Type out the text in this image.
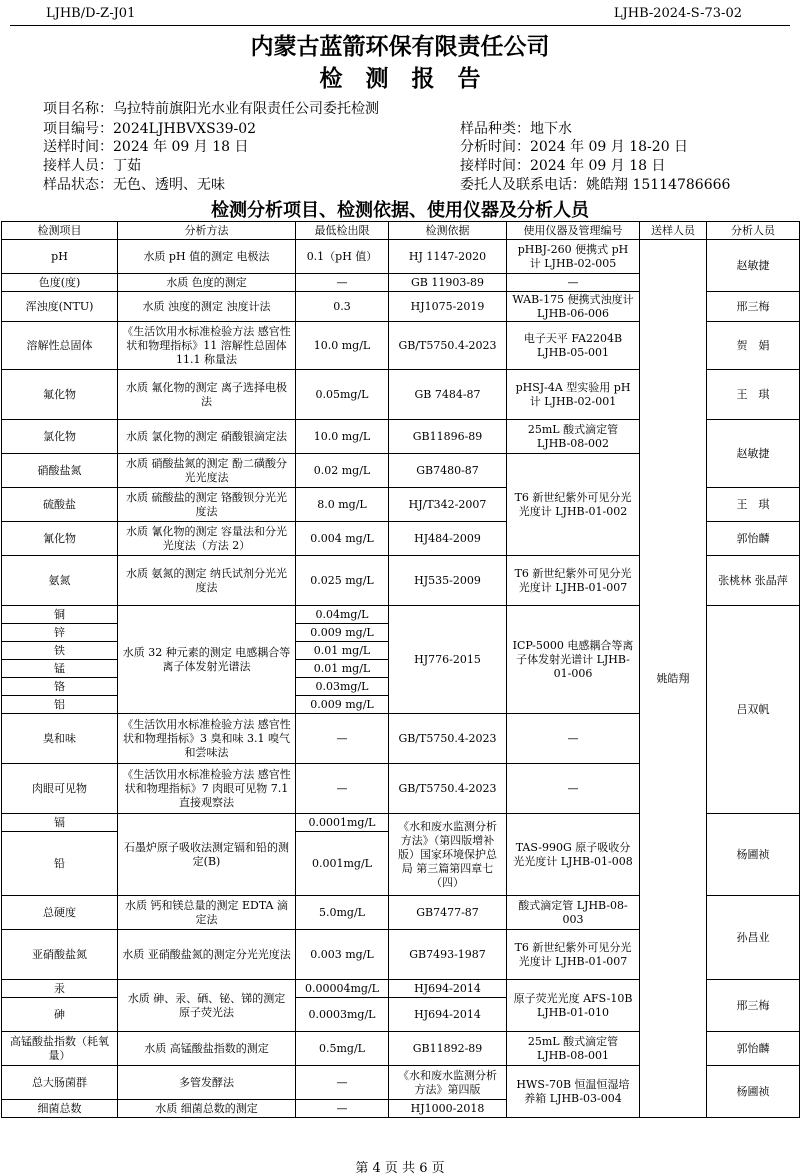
LJHB/D-Z-J01	LJHB-2024-S-73-02
内蒙古蓝箭环保有限责任公司
检　测　报　告
项目名称：乌拉特前旗阳光水业有限责任公司委托检测
项目编号：2024LJHBVXS39-02	样品种类：地下水
送样时间：2024 年 09 月 18 日	分析时间：2024 年 09 月 18-20 日
接样人员：丁茹	接样时间：2024 年 09 月 18 日
样品状态：无色、透明、无味	委托人及联系电话：姚皓翔 15114786666
检测分析项目、检测依据、使用仪器及分析人员
检测项目	分析方法	最低检出限	检测依据	使用仪器及管理编号	送样人员	分析人员
pH	水质 pH 值的测定 电极法	0.1（pH 值）	HJ 1147-2020	pHBJ-260 便携式 pH 计 LJHB-02-005	姚皓翔	赵敏捷
色度(度)	水质 色度的测定	—	GB 11903-89	—		
浑浊度(NTU)	水质 浊度的测定 浊度计法	0.3	HJ1075-2019	WAB-175 便携式浊度计 LJHB-06-006		邢三梅
溶解性总固体	《生活饮用水标准检验方法 感官性状和物理指标》11 溶解性总固体 11.1 称量法	10.0 mg/L	GB/T5750.4-2023	电子天平 FA2204B LJHB-05-001		贺　娟
氟化物	水质 氟化物的测定 离子选择电极法	0.05mg/L	GB 7484-87	pHSJ-4A 型实验用 pH 计 LJHB-02-001		王　琪
氯化物	水质 氯化物的测定 硝酸银滴定法	10.0 mg/L	GB11896-89	25mL 酸式滴定管 LJHB-08-002		赵敏捷
硝酸盐氮	水质 硝酸盐氮的测定 酚二磺酸分光光度法	0.02 mg/L	GB7480-87	T6 新世纪紫外可见分光光度计 LJHB-01-002		
硫酸盐	水质 硫酸盐的测定 铬酸钡分光光度法	8.0 mg/L	HJ/T342-2007			王　琪
氰化物	水质 氰化物的测定 容量法和分光光度法（方法 2）	0.004 mg/L	HJ484-2009			郭怡麟
氨氮	水质 氨氮的测定 纳氏试剂分光光度法	0.025 mg/L	HJ535-2009	T6 新世纪紫外可见分光光度计 LJHB-01-007		张桃林 张晶萍
铜	水质 32 种元素的测定 电感耦合等离子体发射光谱法	0.04mg/L	HJ776-2015	ICP-5000 电感耦合等离子体发射光谱计 LJHB-01-006		吕双帆
锌		0.009 mg/L				
铁		0.01 mg/L				
锰		0.01 mg/L				
铬		0.03mg/L				
铝		0.009 mg/L				
臭和味	《生活饮用水标准检验方法 感官性状和物理指标》3 臭和味 3.1 嗅气和尝味法	—	GB/T5750.4-2023	—		
肉眼可见物	《生活饮用水标准检验方法 感官性状和物理指标》7 肉眼可见物 7.1 直接观察法	—	GB/T5750.4-2023	—		
镉	石墨炉原子吸收法测定镉和铅的测定(B)	0.0001mg/L	《水和废水监测分析方法》（第四版增补版）国家环境保护总局 第三篇第四章七（四）	TAS-990G 原子吸收分光光度计 LJHB-01-008		杨圃祯
铅		0.001mg/L				
总硬度	水质 钙和镁总量的测定 EDTA 滴定法	5.0mg/L	GB7477-87	酸式滴定管 LJHB-08-003		孙昌业
亚硝酸盐氮	水质 亚硝酸盐氮的测定分光光度法	0.003 mg/L	GB7493-1987	T6 新世纪紫外可见分光光度计 LJHB-01-007		
汞	水质 砷、汞、硒、铋、锑的测定 原子荧光法	0.00004mg/L	HJ694-2014	原子荧光光度 AFS-10B LJHB-01-010		邢三梅
砷		0.0003mg/L	HJ694-2014			
高锰酸盐指数（耗氧量）	水质 高锰酸盐指数的测定	0.5mg/L	GB11892-89	25mL 酸式滴定管 LJHB-08-001		郭怡麟
总大肠菌群	多管发酵法	—	《水和废水监测分析方法》第四版	HWS-70B 恒温恒湿培养箱 LJHB-03-004		杨圃祯
细菌总数	水质 细菌总数的测定	—	HJ1000-2018			
第 4 页 共 6 页
